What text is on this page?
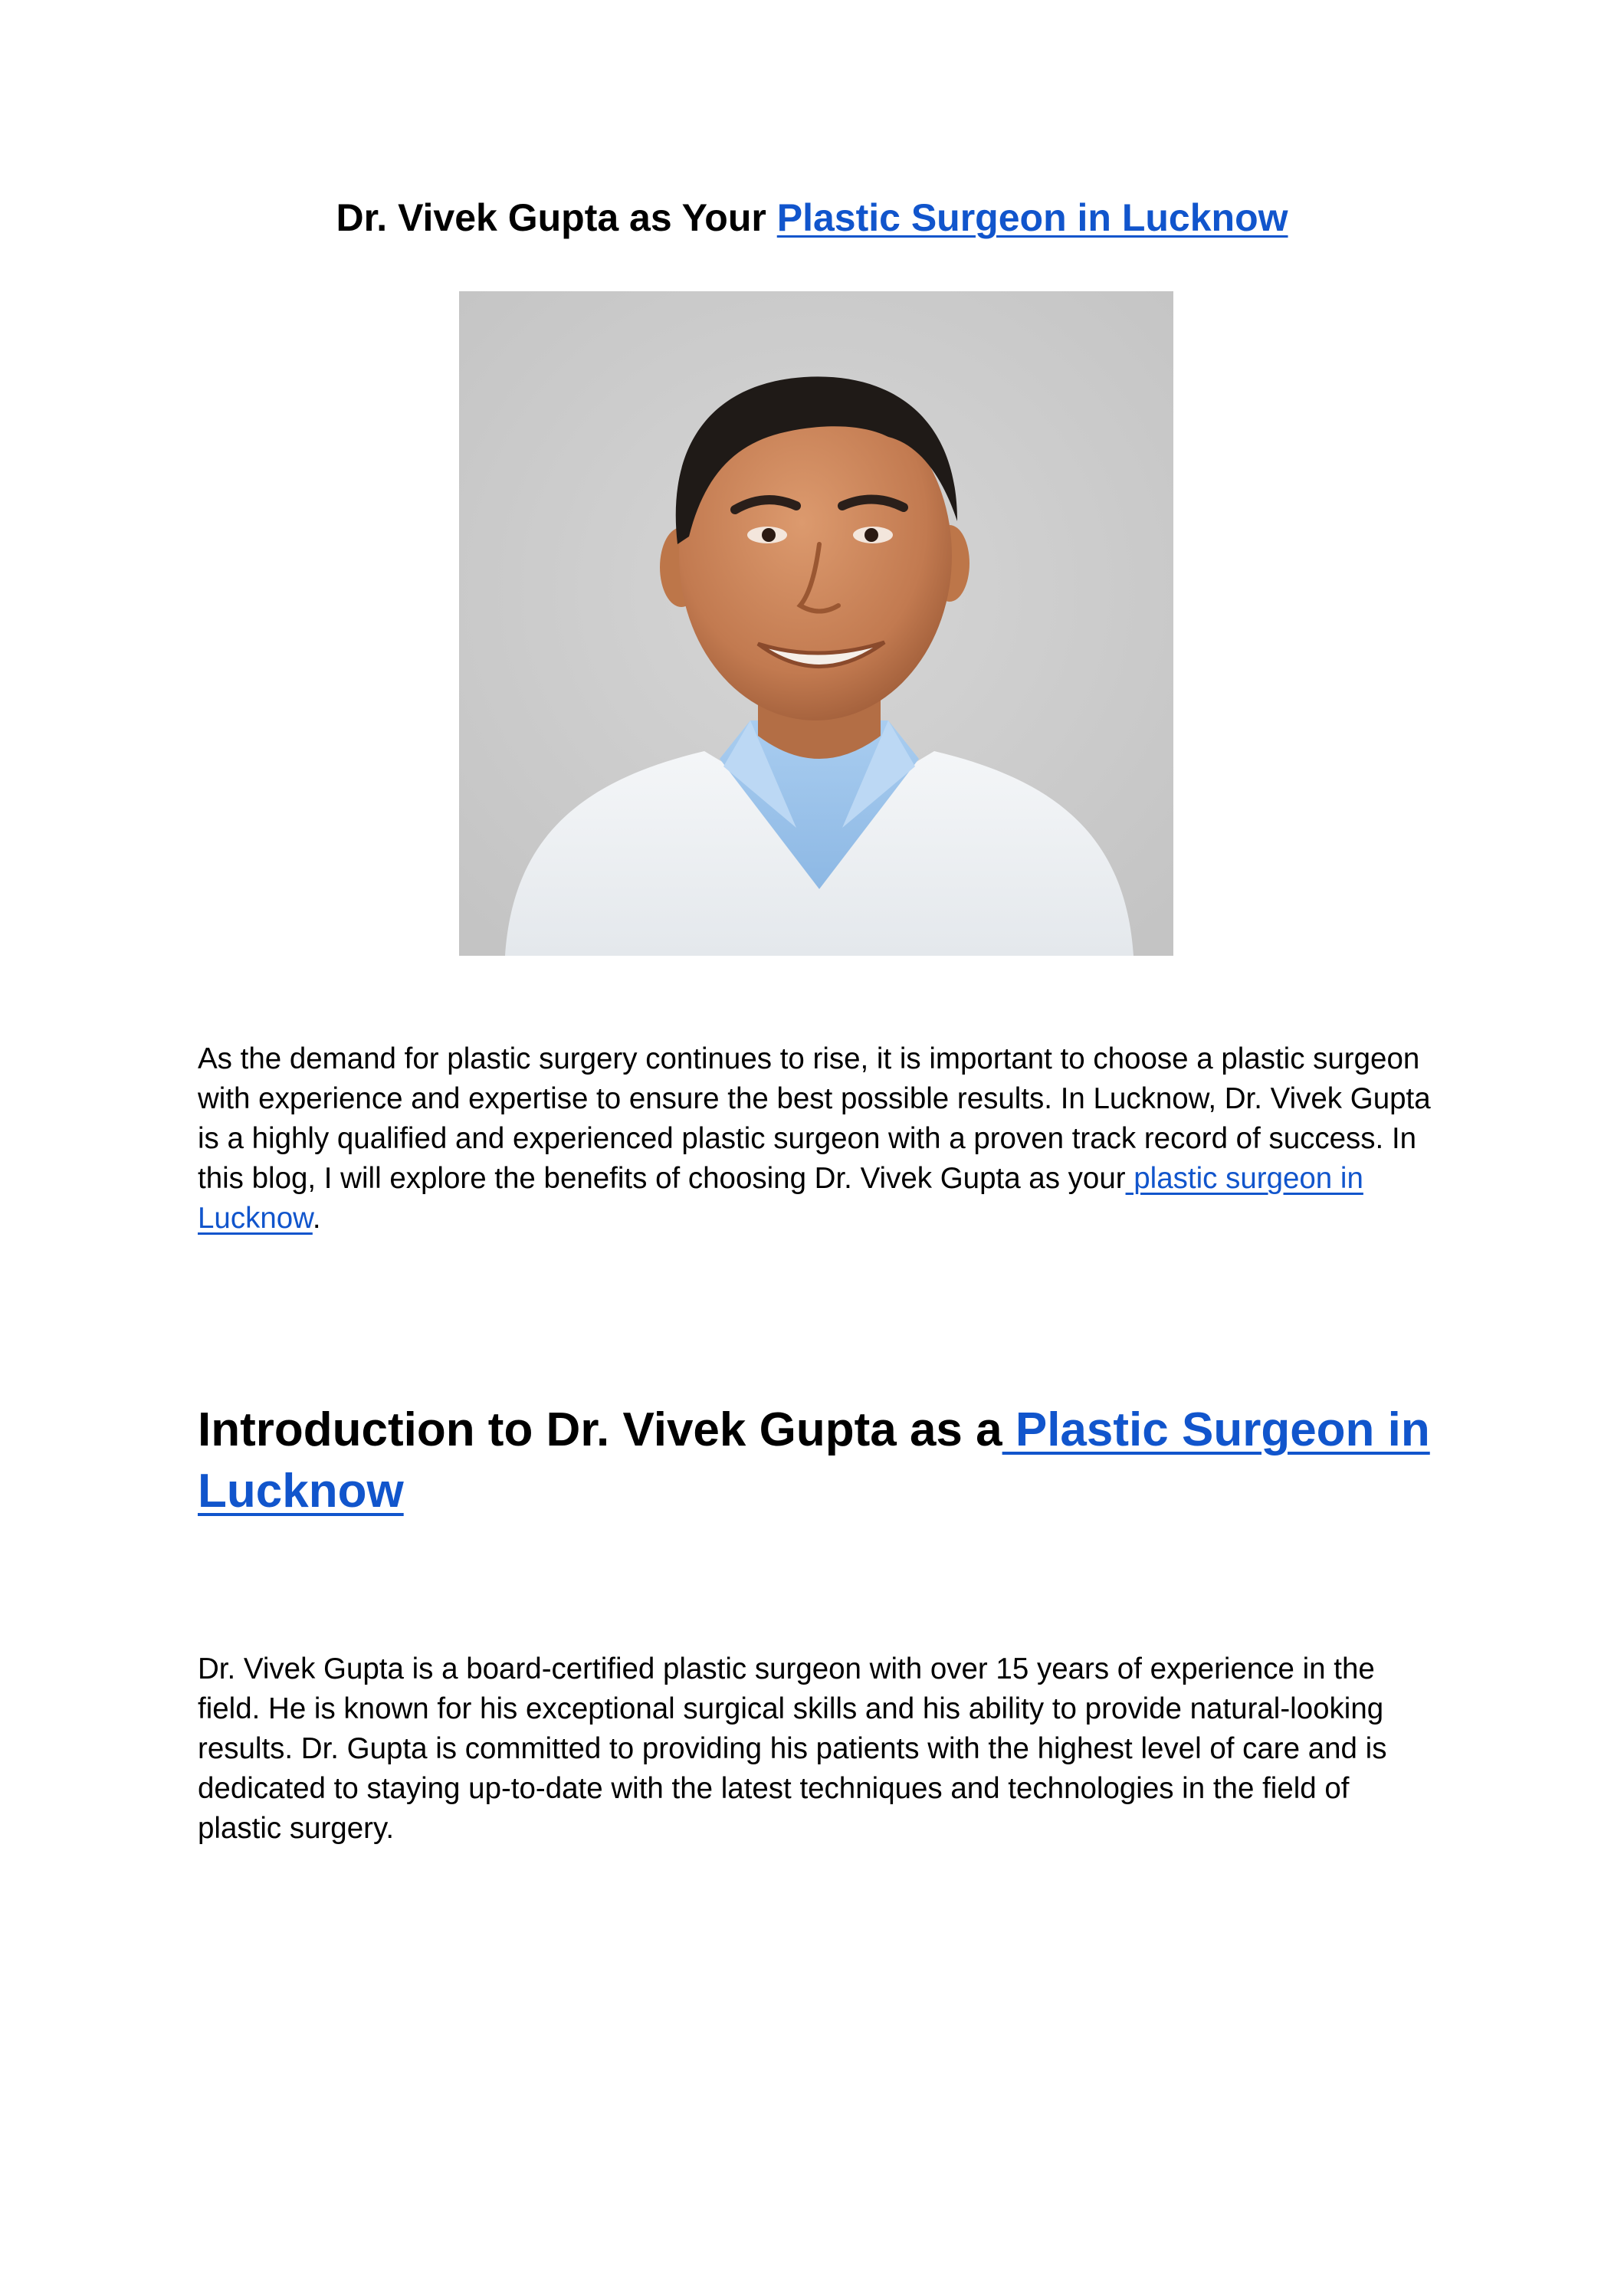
Dr. Vivek Gupta as Your Plastic Surgeon in Lucknow

As the demand for plastic surgery continues to rise, it is important to choose a plastic surgeon with experience and expertise to ensure the best possible results. In Lucknow, Dr. Vivek Gupta is a highly qualified and experienced plastic surgeon with a proven track record of success. In this blog, I will explore the benefits of choosing Dr. Vivek Gupta as your plastic surgeon in Lucknow.

Introduction to Dr. Vivek Gupta as a Plastic Surgeon in Lucknow

Dr. Vivek Gupta is a board-certified plastic surgeon with over 15 years of experience in the field. He is known for his exceptional surgical skills and his ability to provide natural-looking results. Dr. Gupta is committed to providing his patients with the highest level of care and is dedicated to staying up-to-date with the latest techniques and technologies in the field of plastic surgery.
